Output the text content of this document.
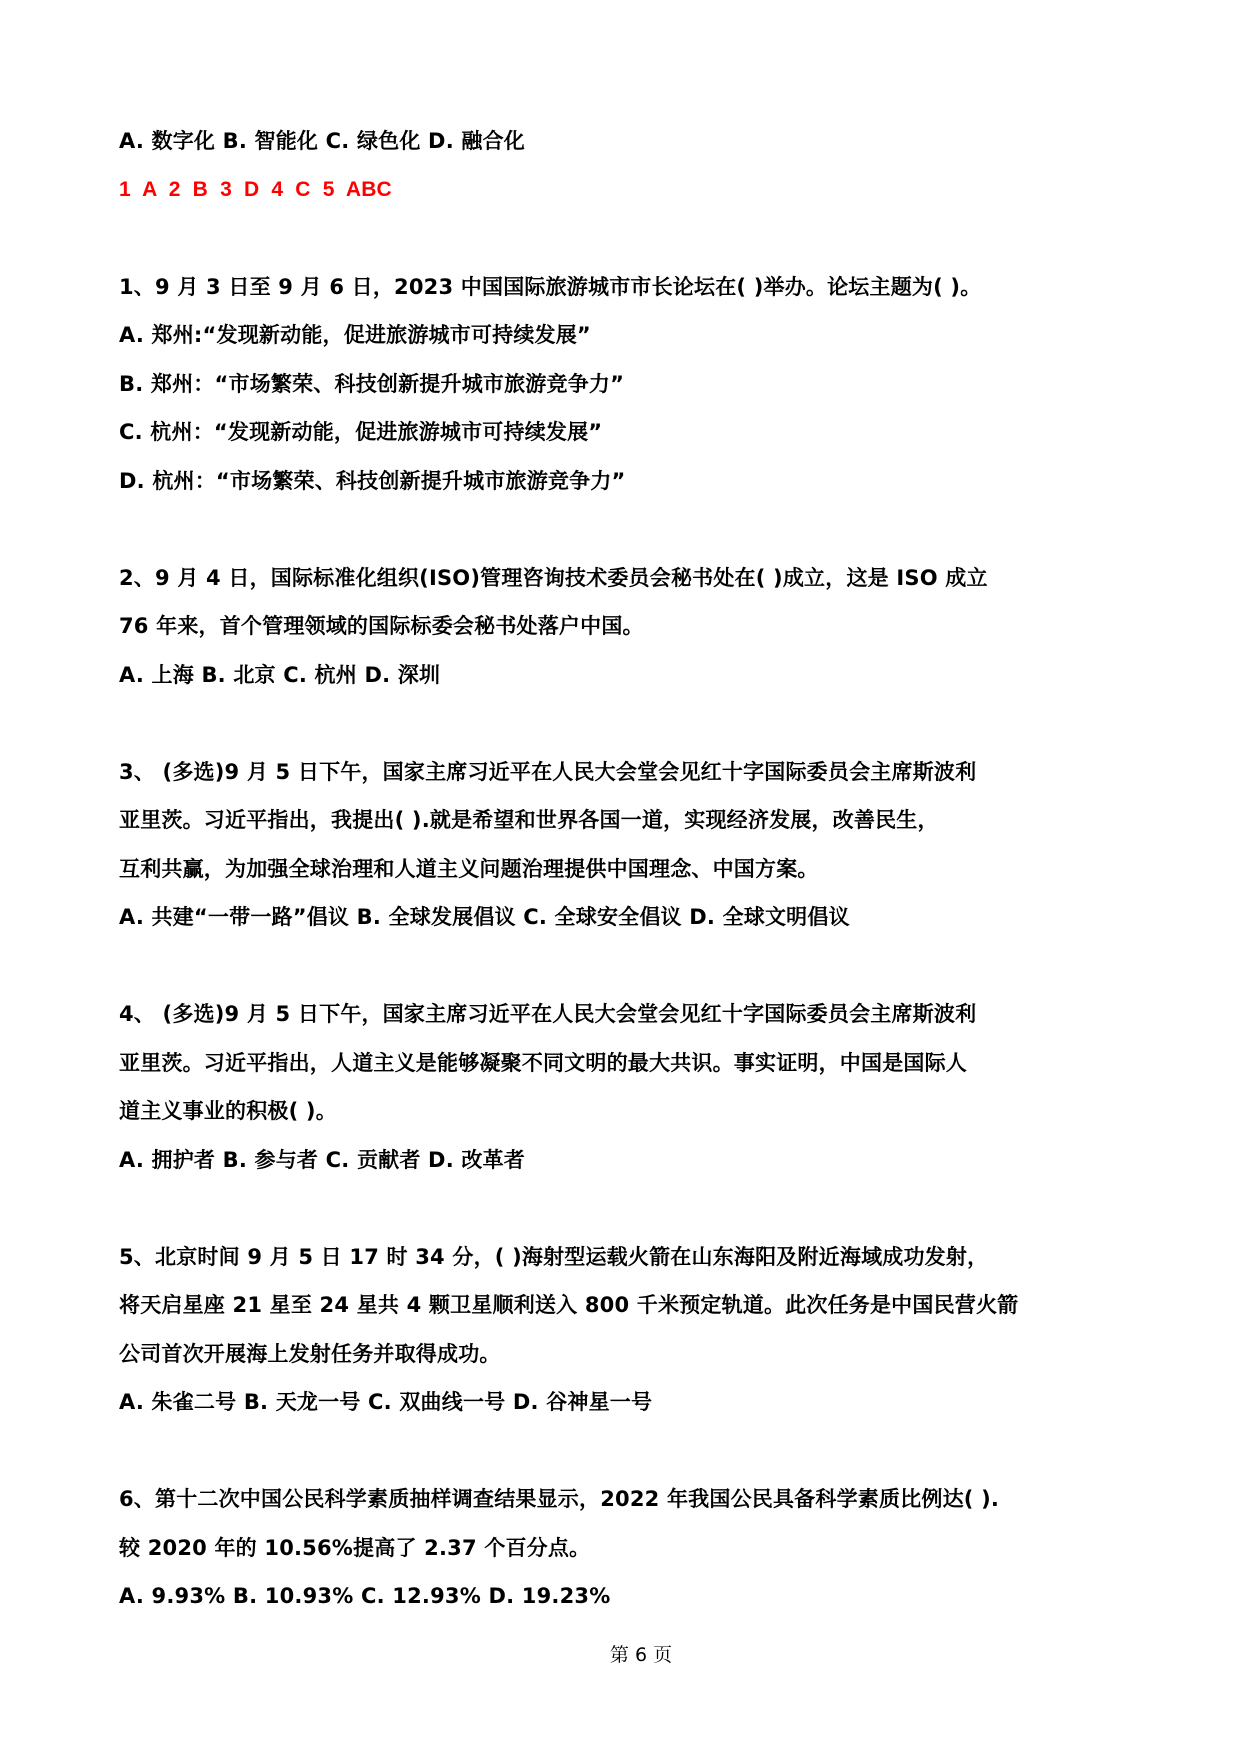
A. 数字化 B. 智能化 C. 绿色化 D. 融合化
1 A 2 B 3 D 4 C 5 ABC
1、9 月 3 日至 9 月 6 日，2023 中国国际旅游城市市长论坛在( )举办。论坛主题为( )。
A. 郑州:“发现新动能，促进旅游城市可持续发展”
B. 郑州：“市场繁荣、科技创新提升城市旅游竞争力”
C. 杭州：“发现新动能，促进旅游城市可持续发展”
D. 杭州：“市场繁荣、科技创新提升城市旅游竞争力”
2、9 月 4 日，国际标准化组织(ISO)管理咨询技术委员会秘书处在( )成立，这是 ISO 成立
76 年来，首个管理领域的国际标委会秘书处落户中国。
A. 上海 B. 北京 C. 杭州 D. 深圳
3、 (多选)9 月 5 日下午，国家主席习近平在人民大会堂会见红十字国际委员会主席斯波利
亚里茨。习近平指出，我提出( ).就是希望和世界各国一道，实现经济发展，改善民生，
互利共赢，为加强全球治理和人道主义问题治理提供中国理念、中国方案。
A. 共建“一带一路”倡议 B. 全球发展倡议 C. 全球安全倡议 D. 全球文明倡议
4、 (多选)9 月 5 日下午，国家主席习近平在人民大会堂会见红十字国际委员会主席斯波利
亚里茨。习近平指出，人道主义是能够凝聚不同文明的最大共识。事实证明，中国是国际人
道主义事业的积极( )。
A. 拥护者 B. 参与者 C. 贡献者 D. 改革者
5、北京时间 9 月 5 日 17 时 34 分，( )海射型运载火箭在山东海阳及附近海域成功发射，
将天启星座 21 星至 24 星共 4 颗卫星顺利送入 800 千米预定轨道。此次任务是中国民营火箭
公司首次开展海上发射任务并取得成功。
A. 朱雀二号 B. 天龙一号 C. 双曲线一号 D. 谷神星一号
6、第十二次中国公民科学素质抽样调查结果显示，2022 年我国公民具备科学素质比例达( ).
较 2020 年的 10.56%提高了 2.37 个百分点。
A. 9.93% B. 10.93% C. 12.93% D. 19.23%
第 6 页
